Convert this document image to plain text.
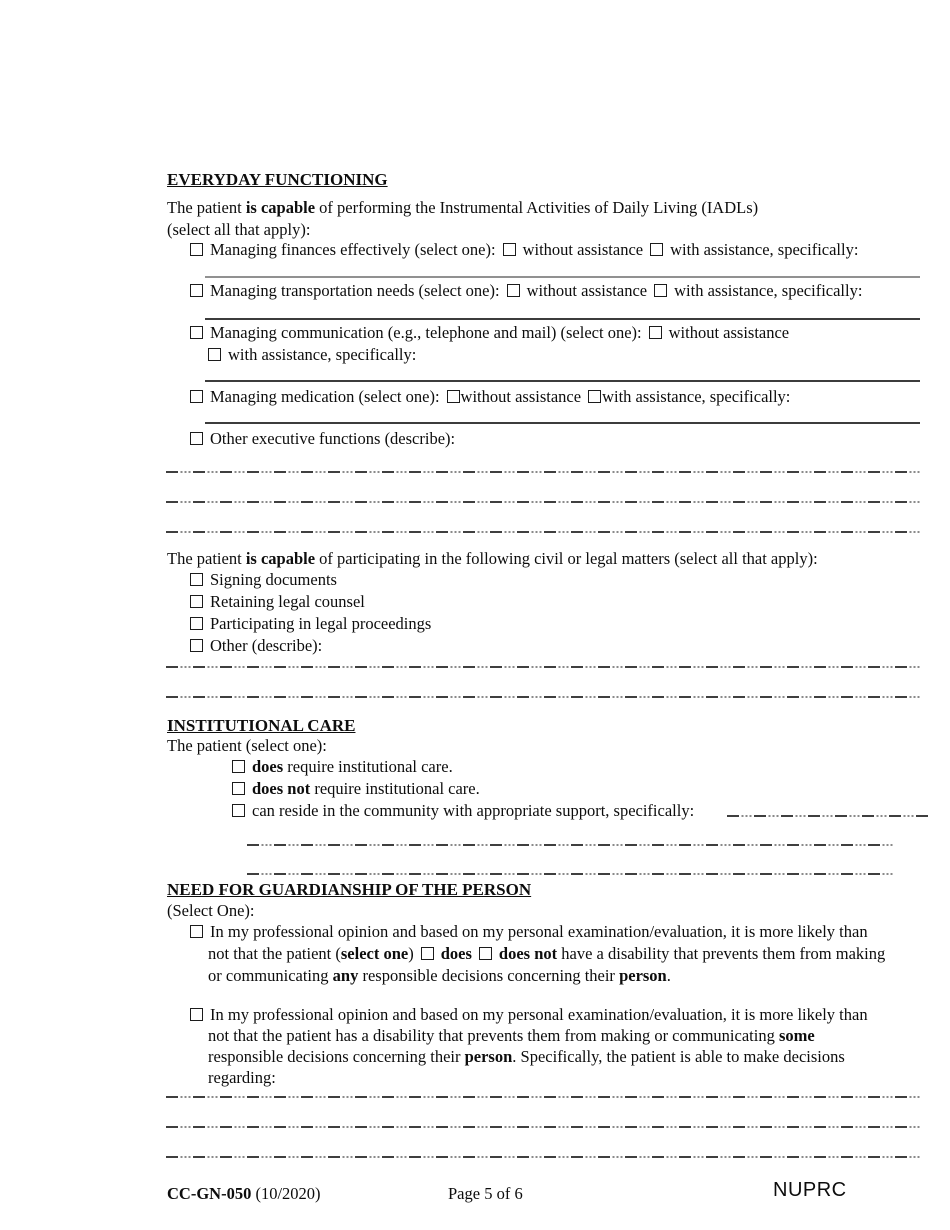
EVERYDAY FUNCTIONING
The patient is capable of performing the Instrumental Activities of Daily Living (IADLs)
(select all that apply):
Managing finances effectively (select one): without assistance with assistance, specifically:
Managing transportation needs (select one): without assistance with assistance, specifically:
Managing communication (e.g., telephone and mail) (select one): without assistance
with assistance, specifically:
Managing medication (select one): without assistance with assistance, specifically:
Other executive functions (describe):
The patient is capable of participating in the following civil or legal matters (select all that apply):
Signing documents
Retaining legal counsel
Participating in legal proceedings
Other (describe):
INSTITUTIONAL CARE
The patient (select one):
does require institutional care.
does not require institutional care.
can reside in the community with appropriate support, specifically:
NEED FOR GUARDIANSHIP OF THE PERSON
(Select One):
In my professional opinion and based on my personal examination/evaluation, it is more likely than
not that the patient (select one) does does not have a disability that prevents them from making
or communicating any responsible decisions concerning their person.
In my professional opinion and based on my personal examination/evaluation, it is more likely than
not that the patient has a disability that prevents them from making or communicating some
responsible decisions concerning their person. Specifically, the patient is able to make decisions
regarding:
CC-GN-050 (10/2020)	Page 5 of 6	NUPRC
